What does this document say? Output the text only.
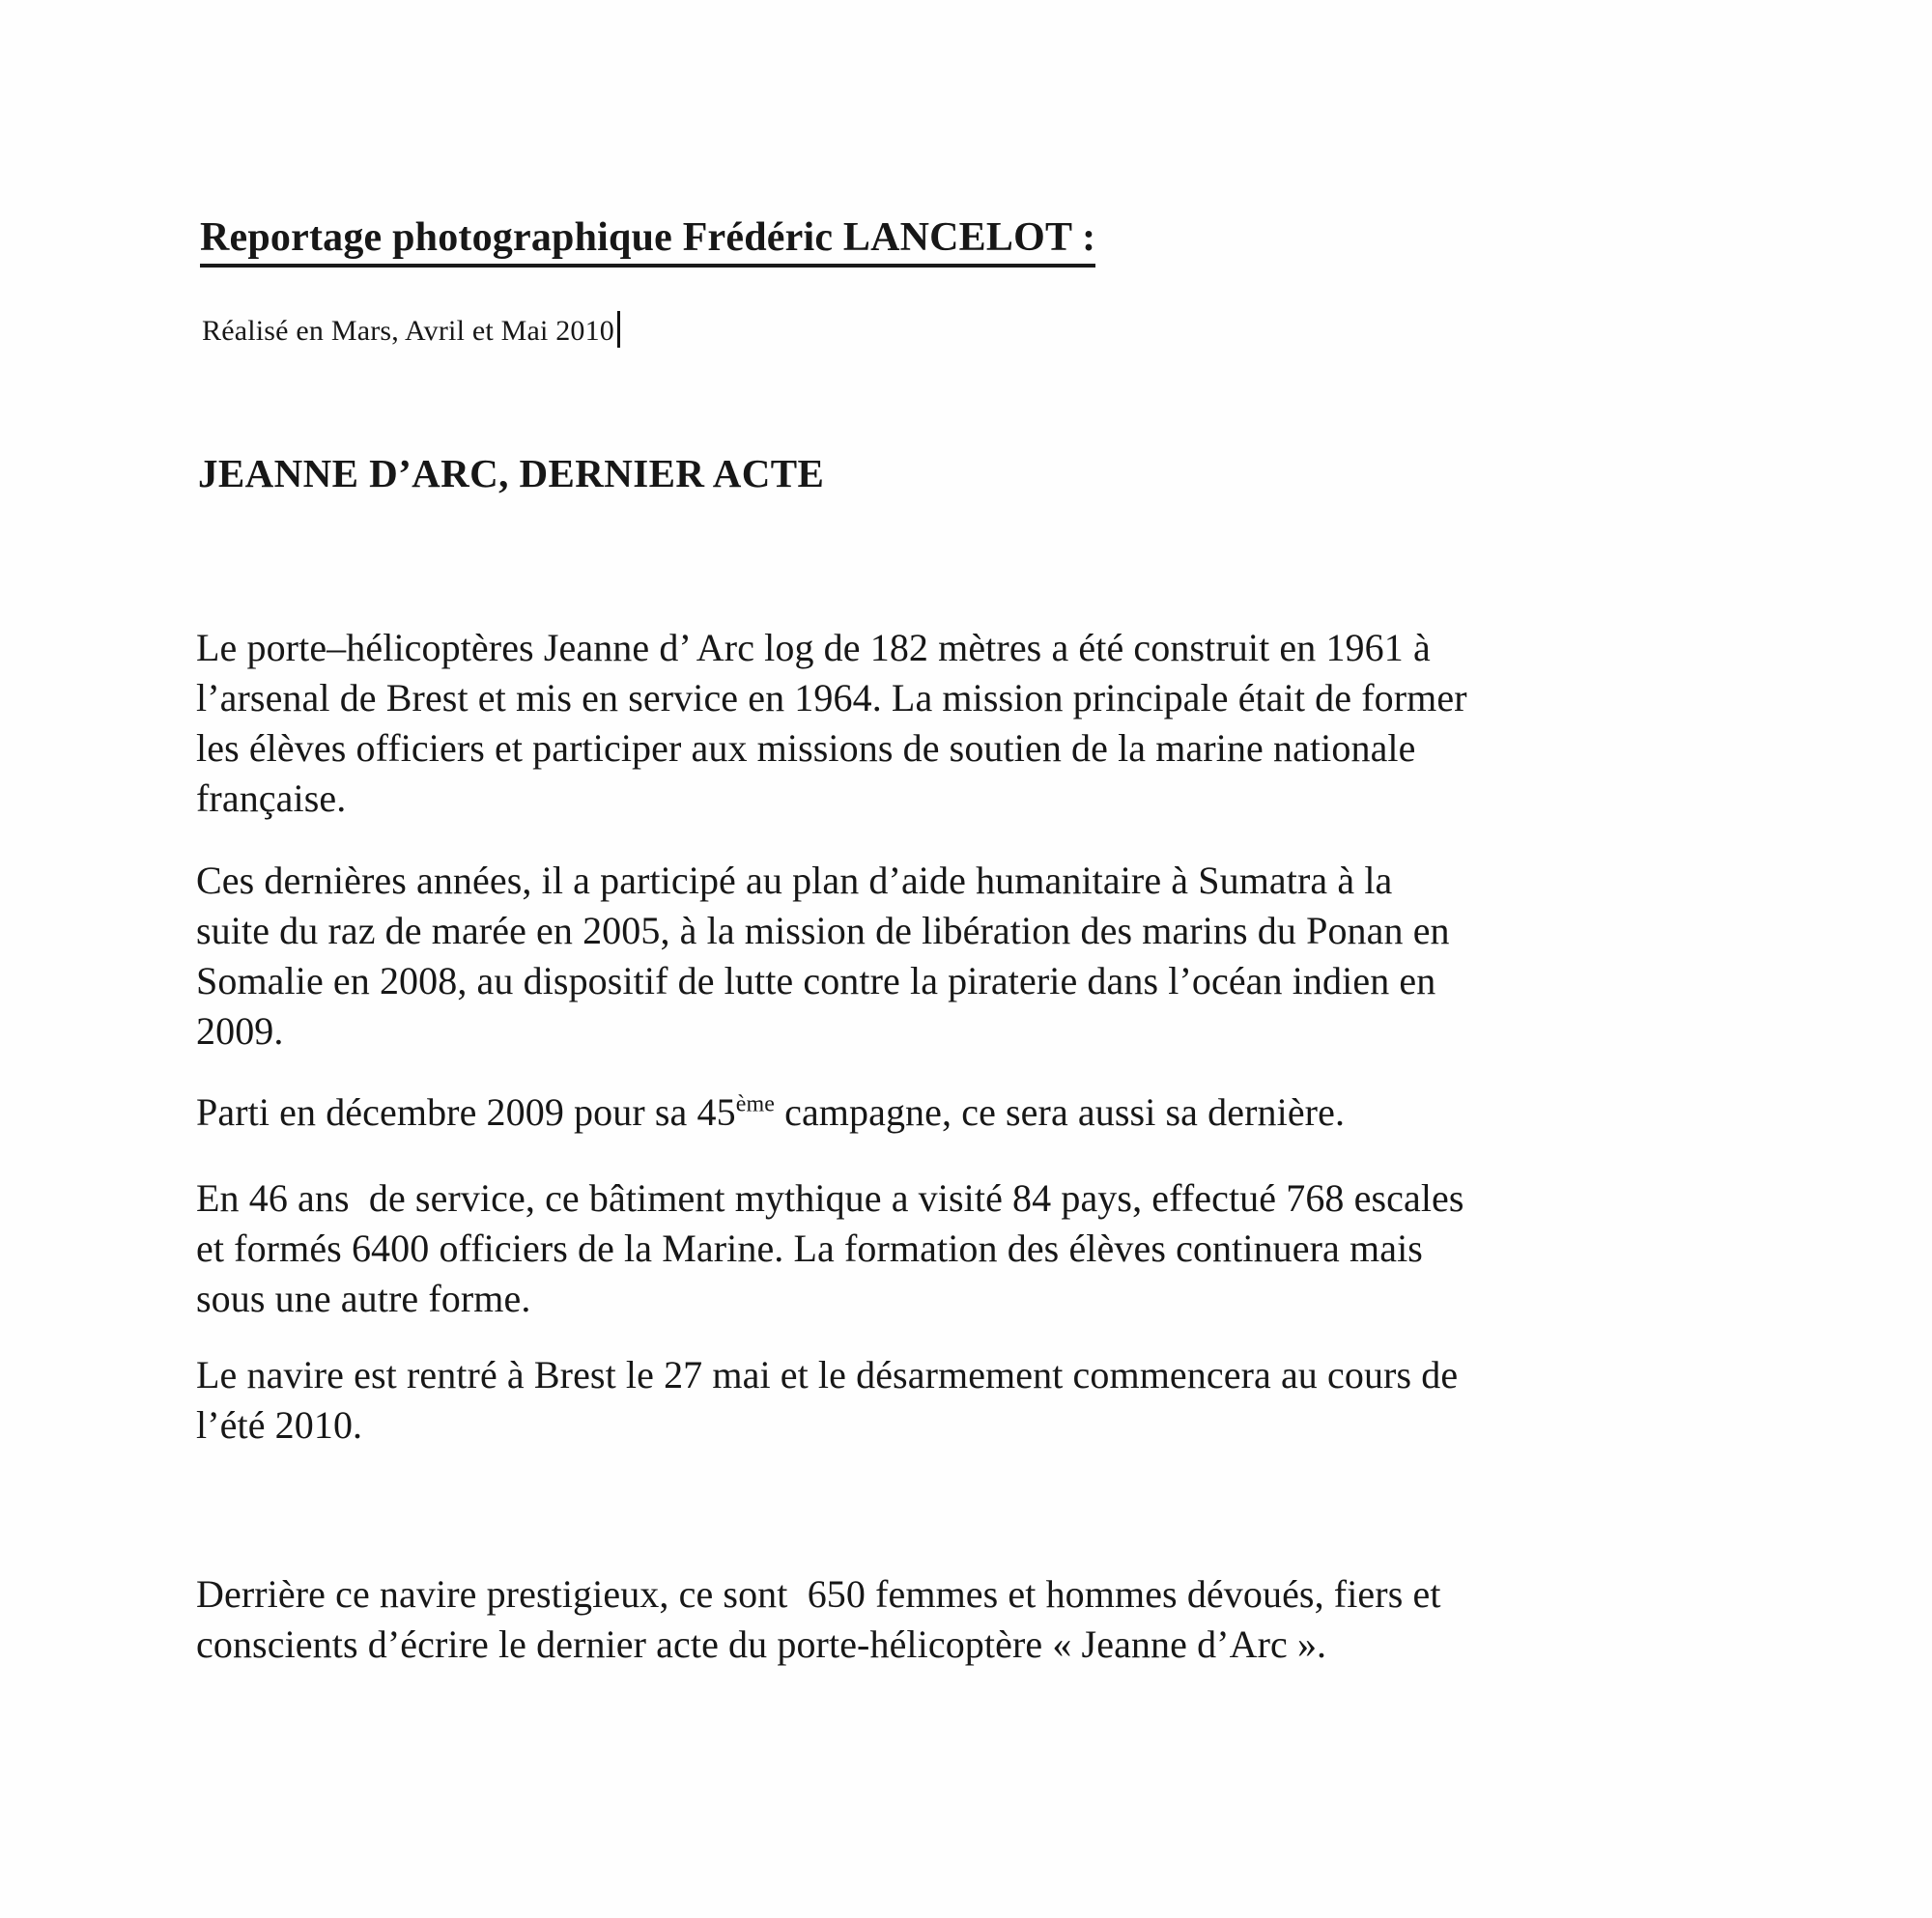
Reportage photographique Frédéric LANCELOT :

Réalisé en Mars, Avril et Mai 2010

JEANNE D’ARC, DERNIER ACTE
Le porte–hélicoptères Jeanne d’ Arc log de 182 mètres a été construit en 1961 à
l’arsenal de Brest et mis en service en 1964. La mission principale était de former
les élèves officiers et participer aux missions de soutien de la marine nationale
française.
Ces dernières années, il a participé au plan d’aide humanitaire à Sumatra à la
suite du raz de marée en 2005, à la mission de libération des marins du Ponan en
Somalie en 2008, au dispositif de lutte contre la piraterie dans l’océan indien en
2009.
Parti en décembre 2009 pour sa 45ème campagne, ce sera aussi sa dernière.
En 46 ans  de service, ce bâtiment mythique a visité 84 pays, effectué 768 escales
et formés 6400 officiers de la Marine. La formation des élèves continuera mais
sous une autre forme.
Le navire est rentré à Brest le 27 mai et le désarmement commencera au cours de
l’été 2010.
Derrière ce navire prestigieux, ce sont  650 femmes et hommes dévoués, fiers et
conscients d’écrire le dernier acte du porte-hélicoptère « Jeanne d’Arc ».
